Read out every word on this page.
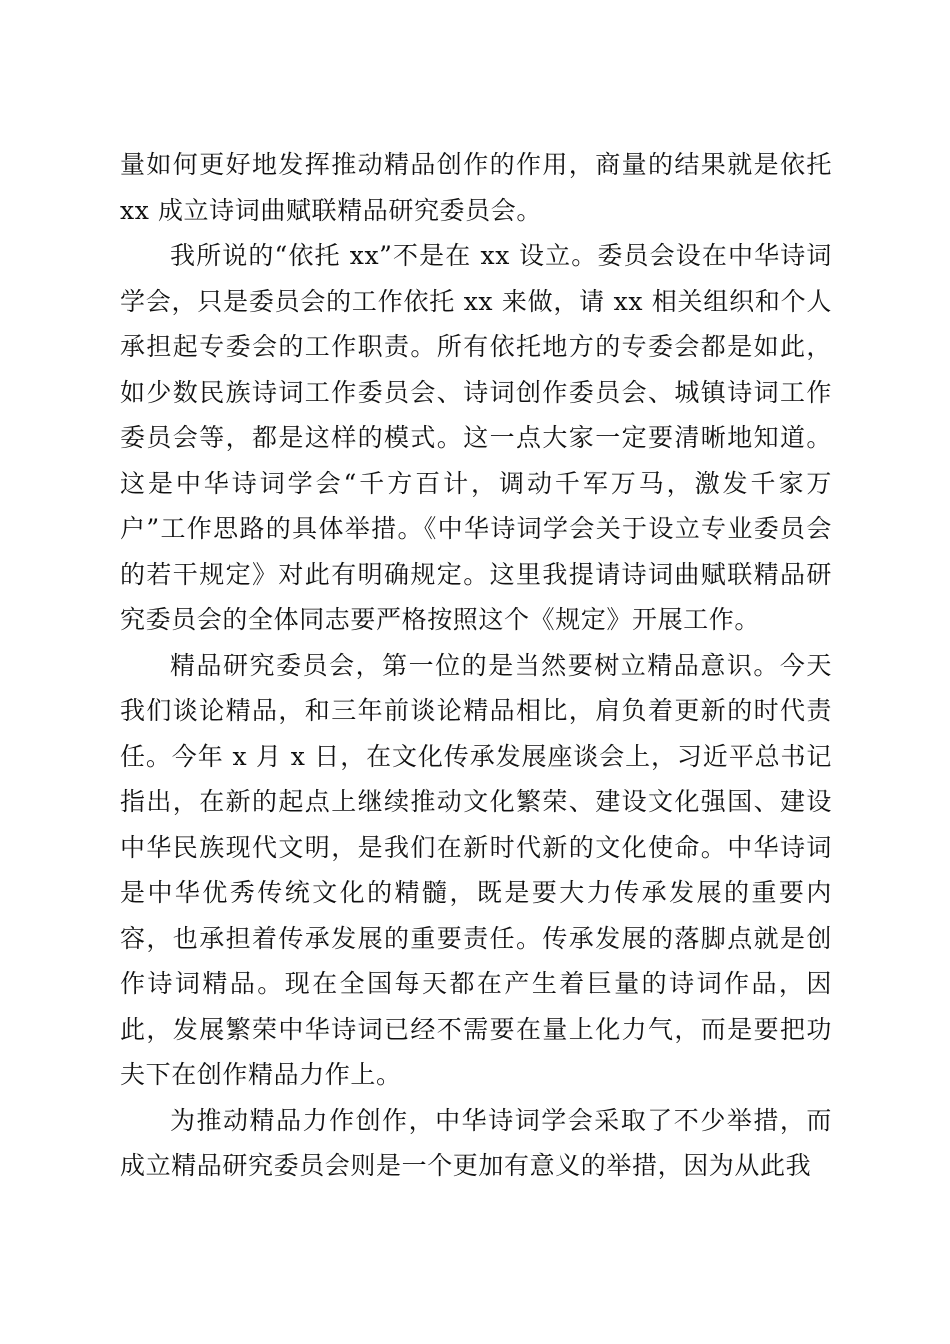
量如何更好地发挥推动精品创作的作用，商量的结果就是依托 xx 成立诗词曲赋联精品研究委员会。

我所说的“依托 xx”不是在 xx 设立。委员会设在中华诗词学会，只是委员会的工作依托 xx 来做，请 xx 相关组织和个人承担起专委会的工作职责。所有依托地方的专委会都是如此，如少数民族诗词工作委员会、诗词创作委员会、城镇诗词工作委员会等，都是这样的模式。这一点大家一定要清晰地知道。这是中华诗词学会“千方百计，调动千军万马，激发千家万户”工作思路的具体举措。《中华诗词学会关于设立专业委员会的若干规定》对此有明确规定。这里我提请诗词曲赋联精品研究委员会的全体同志要严格按照这个《规定》开展工作。

精品研究委员会，第一位的是当然要树立精品意识。今天我们谈论精品，和三年前谈论精品相比，肩负着更新的时代责任。今年 x 月 x 日，在文化传承发展座谈会上，习近平总书记指出，在新的起点上继续推动文化繁荣、建设文化强国、建设中华民族现代文明，是我们在新时代新的文化使命。中华诗词是中华优秀传统文化的精髓，既是要大力传承发展的重要内容，也承担着传承发展的重要责任。传承发展的落脚点就是创作诗词精品。现在全国每天都在产生着巨量的诗词作品，因此，发展繁荣中华诗词已经不需要在量上化力气，而是要把功夫下在创作精品力作上。

为推动精品力作创作，中华诗词学会采取了不少举措，而成立精品研究委员会则是一个更加有意义的举措，因为从此我
